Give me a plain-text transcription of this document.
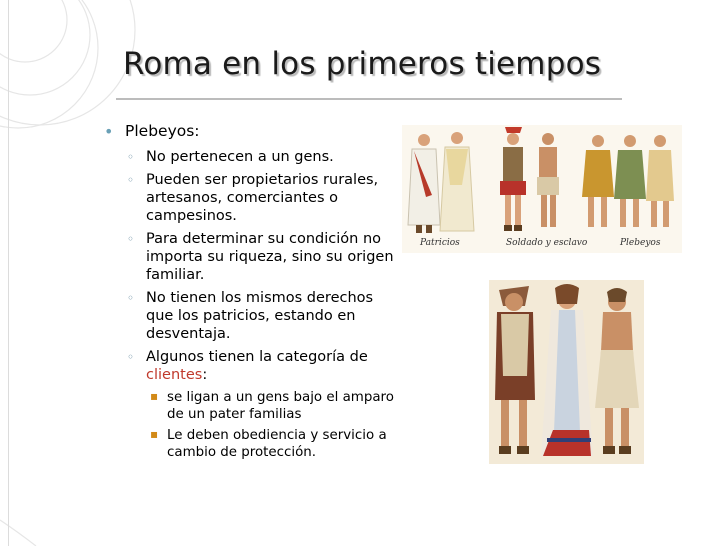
Roma en los primeros tiempos
• Plebeyos:
◦ No pertenecen a un gens.
◦ Pueden ser propietarios rurales, artesanos, comerciantes o campesinos.
◦ Para determinar su condición no importa su riqueza, sino su origen familiar.
◦ No tienen los mismos derechos que los patricios, estando en desventaja.
◦ Algunos tienen la categoría de clientes:
▪ se ligan a un gens bajo el amparo de un pater familias
▪ Le deben obediencia y servicio a cambio de protección.
Patricios	Soldado y esclavo	Plebeyos
